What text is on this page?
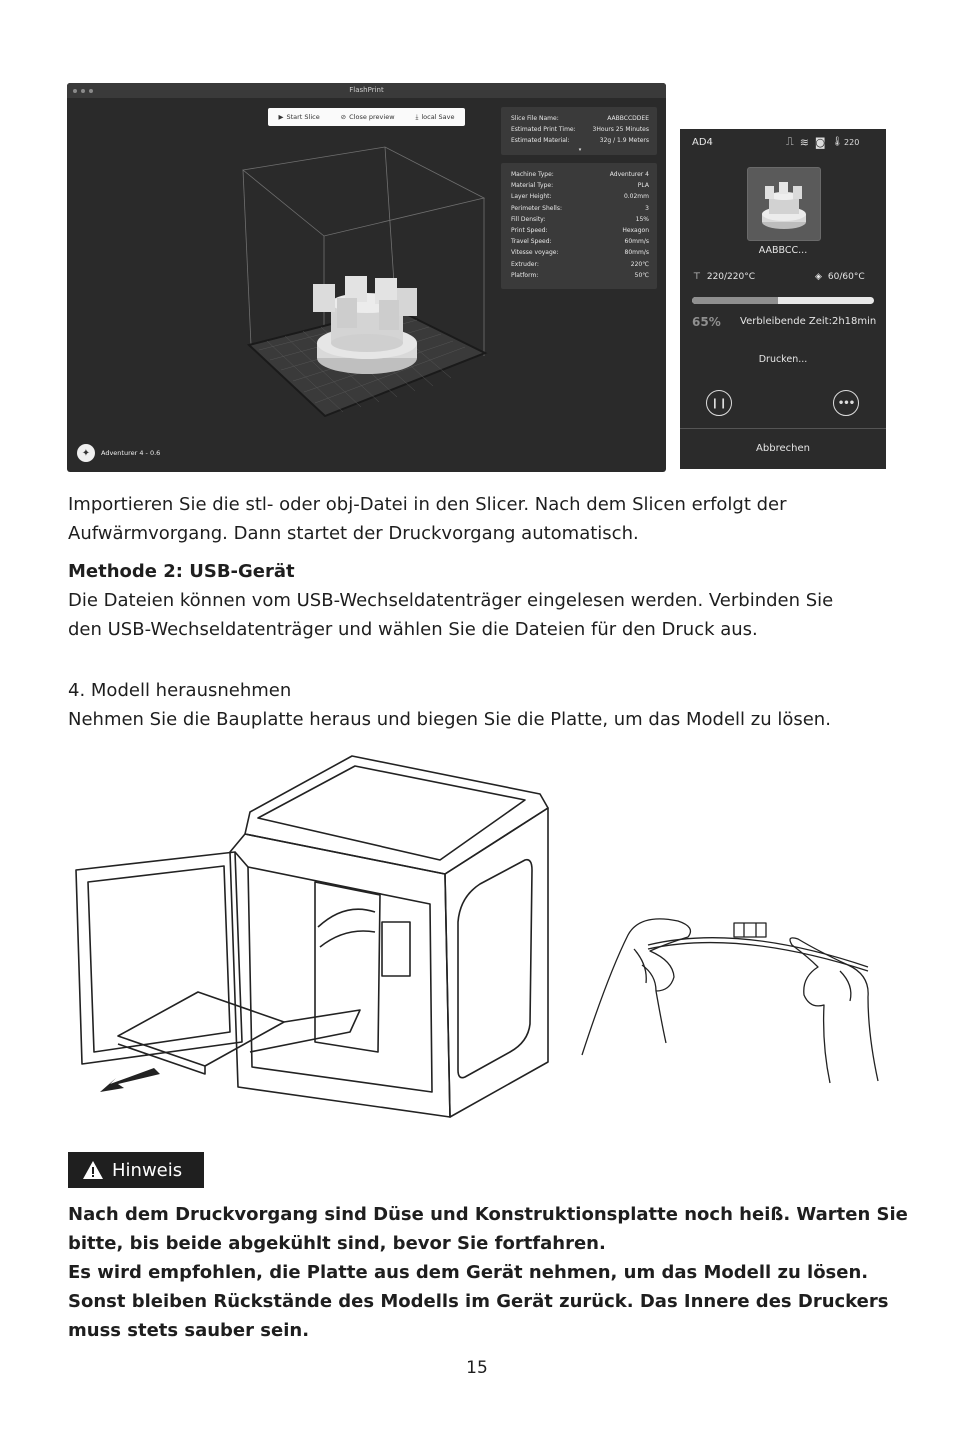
FlashPrint
▶ Start Slice	⊘ Close preview	⤓ local Save	Slice File Name:	AABBCCDDEE
Estimated Print Time:	3Hours 25 Minutes
Estimated Material:	32g / 1.9 Meters
▾
Machine Type:	Adventurer 4
Material Type:	PLA
Layer Height:	0.02mm
Perimeter Shells:	3
Fill Density:	15%
Print Speed:	Hexagon
Travel Speed:	60mm/s
Vitesse voyage:	80mm/s
Extruder:	220℃
Platform:	50℃
✦	Adventurer 4 - 0.6
AD4	⎍ ≋ ◙ 🌡 220
AABBCC...
⊤ 220/220°C	◈ 60/60°C
65% Verbleibende Zeit:2h18min
Drucken...
❙❙	•••
Abbrechen
Importieren Sie die stl- oder obj-Datei in den Slicer. Nach dem Slicen erfolgt der
Aufwärmvorgang. Dann startet der Druckvorgang automatisch.
Methode 2: USB-Gerät
Die Dateien können vom USB-Wechseldatenträger eingelesen werden. Verbinden Sie
den USB-Wechseldatenträger und wählen Sie die Dateien für den Druck aus.
4. Modell herausnehmen
Nehmen Sie die Bauplatte heraus und biegen Sie die Platte, um das Modell zu lösen.
Hinweis
Nach dem Druckvorgang sind Düse und Konstruktionsplatte noch heiß. Warten Sie
bitte, bis beide abgekühlt sind, bevor Sie fortfahren.
Es wird empfohlen, die Platte aus dem Gerät nehmen, um das Modell zu lösen.
Sonst bleiben Rückstände des Modells im Gerät zurück. Das Innere des Druckers
muss stets sauber sein.
15
